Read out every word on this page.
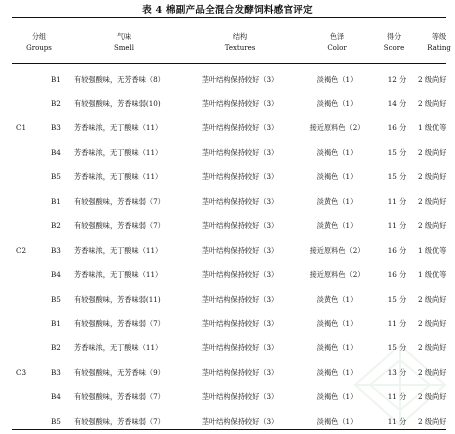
表 4 棉副产品全混合发酵饲料感官评定
分组		气味	结构	色泽	得分	等级
Groups		Smell	Textures	Color	Score	Rating
	B1	有较强酸味，无芳香味（8）	茎叶结构保持较好（3）	淡褐色（1）	12 分	2 级尚好
	B2	有较强酸味，芳香味弱(10)	茎叶结构保持较好（3）	淡褐色（1）	14 分	2 级尚好
C1	B3	芳香味浓，无丁酸味（11）	茎叶结构保持较好（3）	接近原料色（2）	16 分	1 级优等
	B4	芳香味浓，无丁酸味（11）	茎叶结构保持较好（3）	淡褐色（1）	15 分	2 级尚好
	B5	芳香味浓，无丁酸味（11）	茎叶结构保持较好（3）	淡褐色（1）	15 分	2 级尚好
	B1	有较强酸味，芳香味弱（7）	茎叶结构保持较好（3）	淡黄色（1）	11 分	2 级尚好
	B2	有较强酸味，芳香味弱（7）	茎叶结构保持较好（3）	淡黄色（1）	11 分	2 级尚好
C2	B3	芳香味浓，无丁酸味（11）	茎叶结构保持较好（3）	接近原料色（2）	16 分	1 级优等
	B4	芳香味浓，无丁酸味（11）	茎叶结构保持较好（3）	接近原料色（2）	16 分	1 级优等
	B5	有较强酸味，芳香味弱(11)	茎叶结构保持较好（3）	淡黄色（1）	15 分	2 级尚好
	B1	有较强酸味，芳香味弱（7）	茎叶结构保持较好（3）	淡褐色（1）	11 分	2 级尚好
	B2	芳香味浓，无丁酸味（11）	茎叶结构保持较好（3）	淡褐色（1）	15 分	2 级尚好
C3	B3	有较强酸味，无芳香味（9）	茎叶结构保持较好（3）	淡褐色（1）	13 分	2 级尚好
	B4	有较强酸味，芳香味弱（7）	茎叶结构保持较好（3）	淡褐色（1）	11 分	2 级尚好
	B5	有较强酸味，芳香味弱（7）	茎叶结构保持较好（3）	淡褐色（1）	11 分	2 级尚好
